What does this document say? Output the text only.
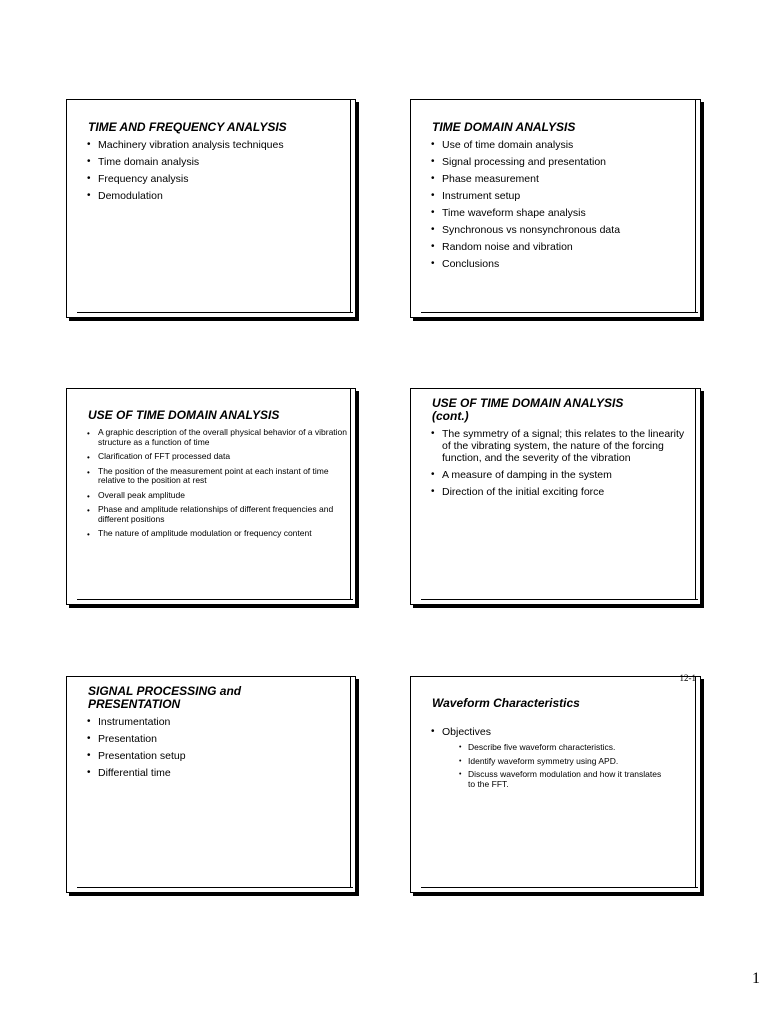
TIME AND FREQUENCY ANALYSIS
• Machinery vibration analysis techniques
• Time domain analysis
• Frequency analysis
• Demodulation
TIME DOMAIN ANALYSIS
• Use of time domain analysis
• Signal processing and presentation
• Phase measurement
• Instrument setup
• Time waveform shape analysis
• Synchronous vs nonsynchronous data
• Random noise and vibration
• Conclusions
USE OF TIME DOMAIN ANALYSIS
• A graphic description of the overall physical behavior of a vibration structure as a function of time
• Clarification of FFT processed data
• The position of the measurement point at each instant of time relative to the position at rest
• Overall peak amplitude
• Phase and amplitude relationships of different frequencies and different positions
• The nature of amplitude modulation or frequency content
USE OF TIME DOMAIN ANALYSIS (cont.)
• The symmetry of a signal; this relates to the linearity of the vibrating system, the nature of the forcing function, and the severity of the vibration
• A measure of damping in the system
• Direction of the initial exciting force
SIGNAL PROCESSING and PRESENTATION
• Instrumentation
• Presentation
• Presentation setup
• Differential time
12-1
Waveform Characteristics
• Objectives
• Describe five waveform characteristics.
• Identify waveform symmetry using APD.
• Discuss waveform modulation and how it translates to the FFT.
1
